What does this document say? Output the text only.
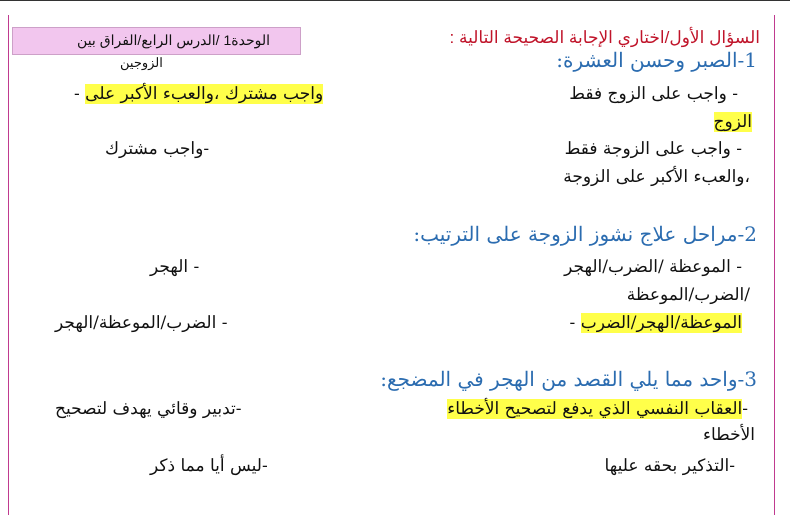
الوحدة1 /الدرس الرابع/الفراق بين
الزوجين
السؤال الأول/اختاري الإجابة الصحيحة التالية :
1-الصبر وحسن العشرة:
- واجب على الزوج فقط
واجب مشترك ،والعبء الأكبر على -
الزوج
- واجب على الزوجة فقط
-واجب مشترك
،والعبء الأكبر على الزوجة
2-مراحل علاج نشوز الزوجة على الترتيب:
- الموعظة /الضرب/الهجر
- الهجر
/الضرب/الموعظة
الموعظة/الهجر/الضرب -
- الضرب/الموعظة/الهجر
3-واحد مما يلي القصد من الهجر في المضجع:
-العقاب النفسي الذي يدفع لتصحيح الأخطاء
-تدبير وقائي يهدف لتصحيح
الأخطاء
-التذكير بحقه عليها
-ليس أيا مما ذكر
